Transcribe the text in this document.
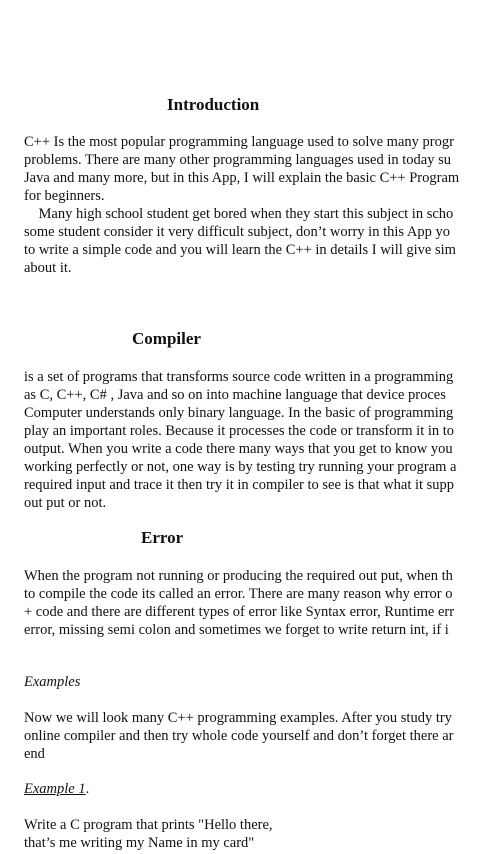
Introduction
C++ Is the most popular programming language used to solve many progr
problems. There are many other programming languages used in today su
Java and many more, but in this App, I will explain the basic C++ Program
for beginners.
Many high school student get bored when they start this subject in scho
some student consider it very difficult subject, don’t worry in this App yo
to write a simple code and you will learn the C++ in details I will give sim
about it.
Compiler
is a set of programs that transforms source code written in a programming
as C, C++, C# , Java and so on into machine language that device proces
Computer understands only binary language. In the basic of programming
play an important roles. Because it processes the code or transform it in to
output. When you write a code there many ways that you get to know you
working perfectly or not, one way is by testing try running your program a
required input and trace it then try it in compiler to see is that what it supp
out put or not.
Error
When the program not running or producing the required out put, when th
to compile the code its called an error. There are many reason why error o
+ code and there are different types of error like Syntax error, Runtime err
error, missing semi colon and sometimes we forget to write return int, if i
Examples
Now we will look many C++ programming examples. After you study try
online compiler and then try whole code yourself and don’t forget there ar
end
Example 1.
Write a C program that prints "Hello there,
that’s me writing my Name in my card"
